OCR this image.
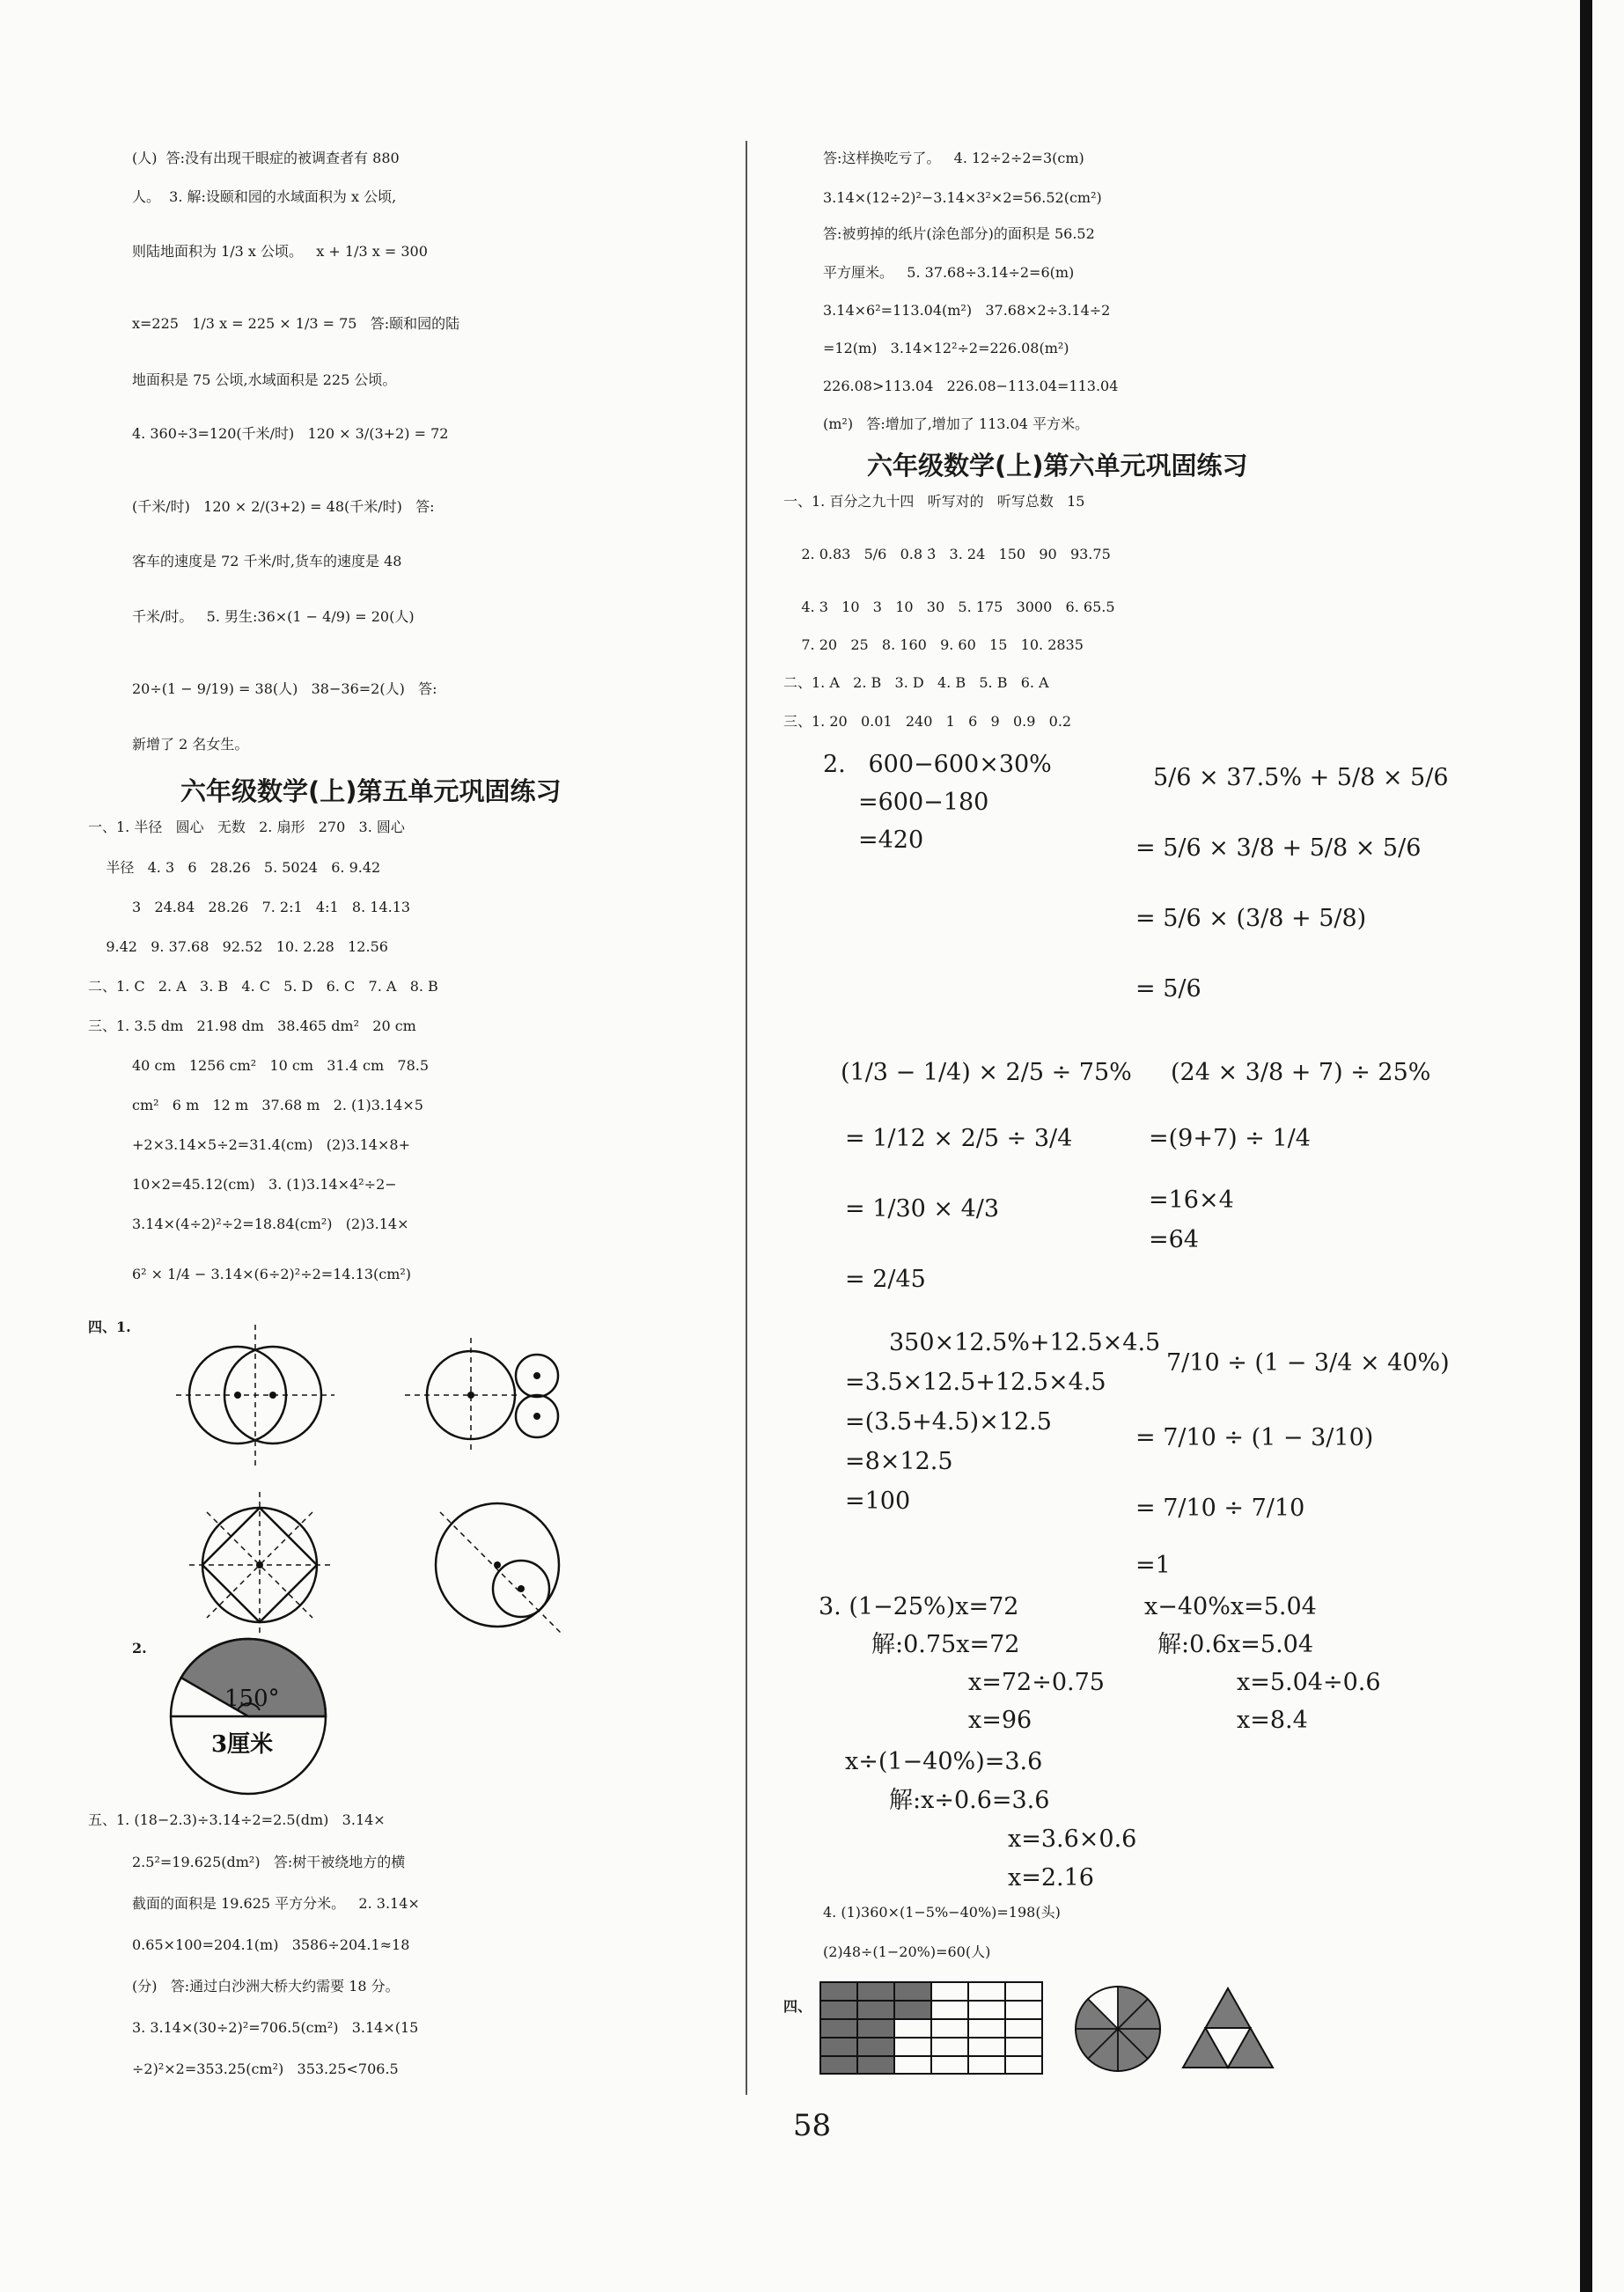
(人)  答:没有出现干眼症的被调查者有 880
人。  3. 解:设颐和园的水域面积为 x 公顷,
则陆地面积为 1/3 x 公顷。   x + 1/3 x = 300
x=225   1/3 x = 225 × 1/3 = 75   答:颐和园的陆
地面积是 75 公顷,水域面积是 225 公顷。
4. 360÷3=120(千米/时)   120 × 3/(3+2) = 72
(千米/时)   120 × 2/(3+2) = 48(千米/时)   答:
客车的速度是 72 千米/时,货车的速度是 48
千米/时。   5. 男生:36×(1 − 4/9) = 20(人)
20÷(1 − 9/19) = 38(人)   38−36=2(人)   答:
新增了 2 名女生。
六年级数学(上)第五单元巩固练习
一、1. 半径   圆心   无数   2. 扇形   270   3. 圆心
半径   4. 3   6   28.26   5. 5024   6. 9.42
3   24.84   28.26   7. 2:1   4:1   8. 14.13
9.42   9. 37.68   92.52   10. 2.28   12.56
二、1. C   2. A   3. B   4. C   5. D   6. C   7. A   8. B
三、1. 3.5 dm   21.98 dm   38.465 dm²   20 cm
40 cm   1256 cm²   10 cm   31.4 cm   78.5
cm²   6 m   12 m   37.68 m   2. (1)3.14×5
+2×3.14×5÷2=31.4(cm)   (2)3.14×8+
10×2=45.12(cm)   3. (1)3.14×4²÷2−
3.14×(4÷2)²÷2=18.84(cm²)   (2)3.14×
6² × 1/4 − 3.14×(6÷2)²÷2=14.13(cm²)
四、1.
2.
150°
3厘米
五、1. (18−2.3)÷3.14÷2=2.5(dm)   3.14×
2.5²=19.625(dm²)   答:树干被绕地方的横
截面的面积是 19.625 平方分米。   2. 3.14×
0.65×100=204.1(m)   3586÷204.1≈18
(分)   答:通过白沙洲大桥大约需要 18 分。
3. 3.14×(30÷2)²=706.5(cm²)   3.14×(15
÷2)²×2=353.25(cm²)   353.25<706.5
答:这样换吃亏了。   4. 12÷2÷2=3(cm)
3.14×(12÷2)²−3.14×3²×2=56.52(cm²)
答:被剪掉的纸片(涂色部分)的面积是 56.52
平方厘米。   5. 37.68÷3.14÷2=6(m)
3.14×6²=113.04(m²)   37.68×2÷3.14÷2
=12(m)   3.14×12²÷2=226.08(m²)
226.08>113.04   226.08−113.04=113.04
(m²)   答:增加了,增加了 113.04 平方米。
六年级数学(上)第六单元巩固练习
一、1. 百分之九十四   听写对的   听写总数   15
2. 0.83   5/6   0.8 3̇   3. 24   150   90   93.75
4. 3   10   3   10   30   5. 175   3000   6. 65.5
7. 20   25   8. 160   9. 60   15   10. 2835
二、1. A   2. B   3. D   4. B   5. B   6. A
三、1. 20   0.01   240   1   6   9   0.9   0.2
2.   600−600×30%
=600−180
=420
5/6 × 37.5% + 5/8 × 5/6
= 5/6 × 3/8 + 5/8 × 5/6
= 5/6 × (3/8 + 5/8)
= 5/6
(1/3 − 1/4) × 2/5 ÷ 75%
= 1/12 × 2/5 ÷ 3/4
= 1/30 × 4/3
= 2/45
(24 × 3/8 + 7) ÷ 25%
=(9+7) ÷ 1/4
=16×4
=64
350×12.5%+12.5×4.5
=3.5×12.5+12.5×4.5
=(3.5+4.5)×12.5
=8×12.5
=100
7/10 ÷ (1 − 3/4 × 40%)
= 7/10 ÷ (1 − 3/10)
= 7/10 ÷ 7/10
=1
3. (1−25%)x=72
解:0.75x=72
x=72÷0.75
x=96
x−40%x=5.04
解:0.6x=5.04
x=5.04÷0.6
x=8.4
x÷(1−40%)=3.6
解:x÷0.6=3.6
x=3.6×0.6
x=2.16
4. (1)360×(1−5%−40%)=198(头)
(2)48÷(1−20%)=60(人)
四、
58
